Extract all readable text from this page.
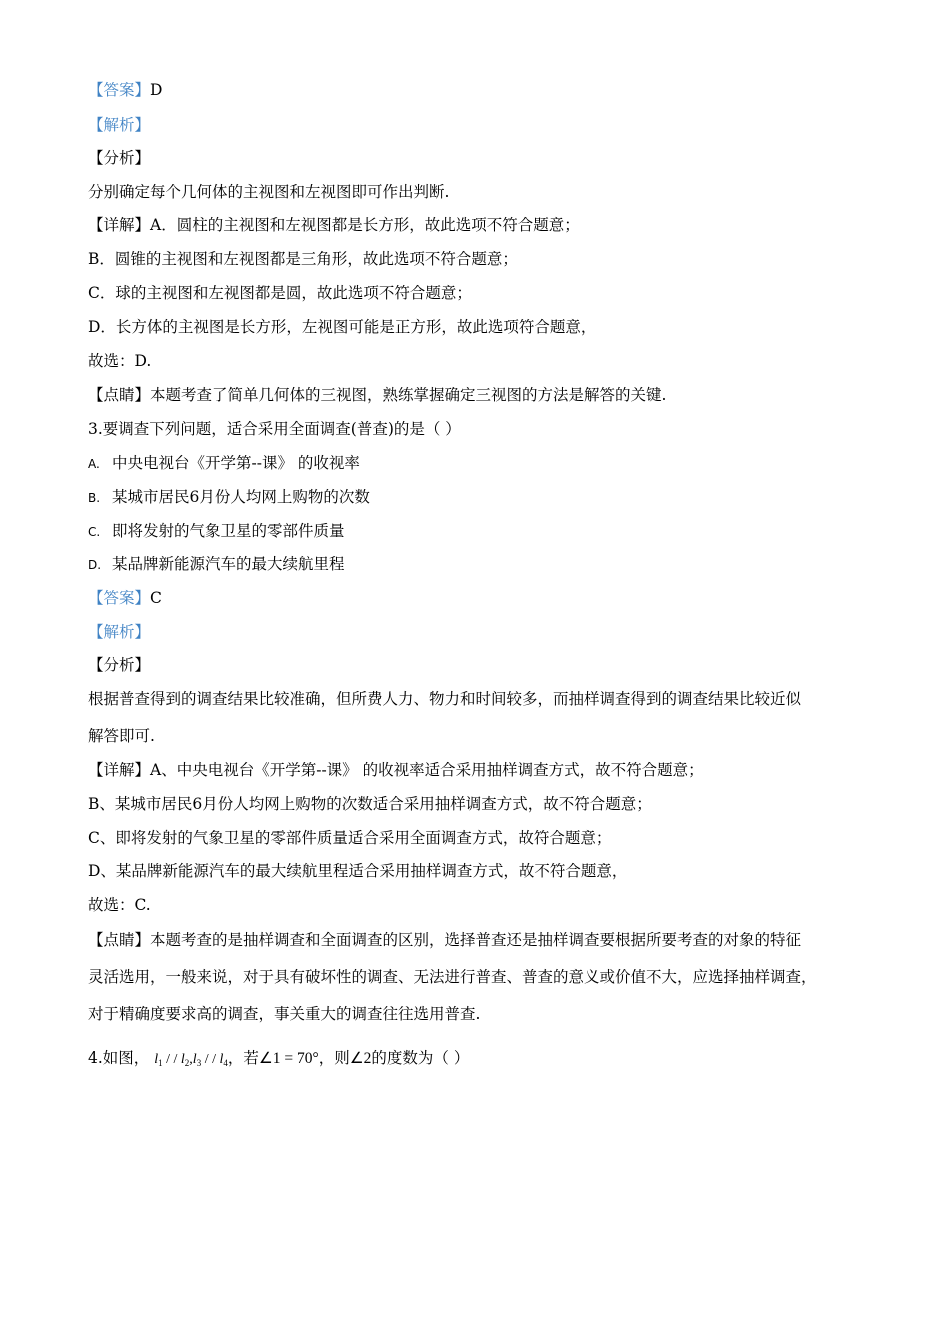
【答案】D
【解析】
【分析】
分别确定每个几何体的主视图和左视图即可作出判断.
【详解】A．圆柱的主视图和左视图都是长方形，故此选项不符合题意；
B．圆锥的主视图和左视图都是三角形，故此选项不符合题意；
C．球的主视图和左视图都是圆，故此选项不符合题意；
D．长方体的主视图是长方形，左视图可能是正方形，故此选项符合题意，
故选：D.
【点睛】本题考查了简单几何体的三视图，熟练掌握确定三视图的方法是解答的关键.
3.要调查下列问题，适合采用全面调查(普查)的是（ ）
A. 中央电视台《开学第--课》 的收视率
B. 某城市居民6月份人均网上购物的次数
C. 即将发射的气象卫星的零部件质量
D. 某品牌新能源汽车的最大续航里程
【答案】C
【解析】
【分析】
根据普查得到的调查结果比较准确，但所费人力、物力和时间较多，而抽样调查得到的调查结果比较近似
解答即可.
【详解】A、中央电视台《开学第--课》 的收视率适合采用抽样调查方式，故不符合题意；
B、某城市居民6月份人均网上购物的次数适合采用抽样调查方式，故不符合题意；
C、即将发射的气象卫星的零部件质量适合采用全面调查方式，故符合题意；
D、某品牌新能源汽车的最大续航里程适合采用抽样调查方式，故不符合题意，
故选：C.
【点睛】本题考查的是抽样调查和全面调查的区别，选择普查还是抽样调查要根据所要考查的对象的特征
灵活选用，一般来说，对于具有破坏性的调查、无法进行普查、普查的意义或价值不大，应选择抽样调查，
对于精确度要求高的调查，事关重大的调查往往选用普查.
4.如图， $l_1$ / / $l_2,l_3$ / / $l_4$，若∠1 = 70°，则∠2的度数为（ ）
